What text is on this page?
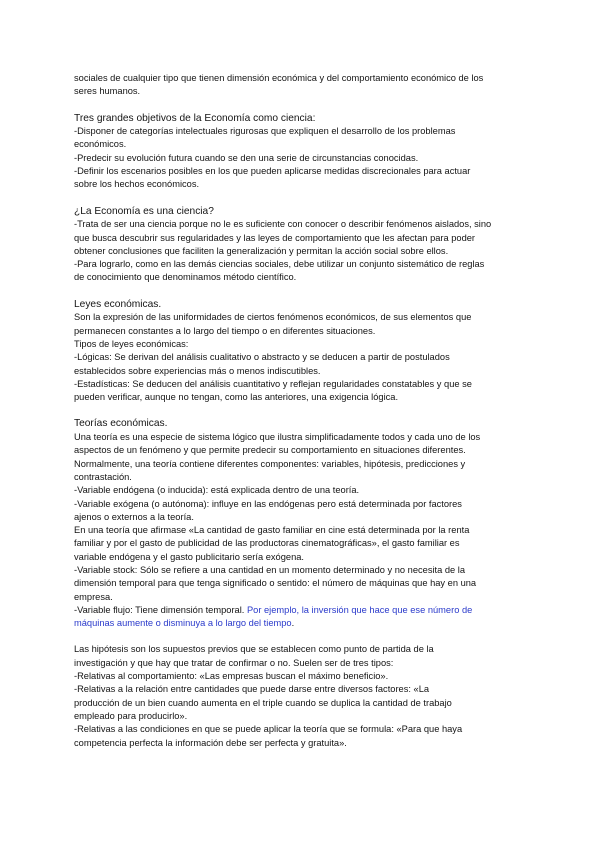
sociales de cualquier tipo que tienen dimensión económica y del comportamiento económico de los

seres humanos.

Tres grandes objetivos de la Economía como ciencia:

-Disponer de categorías intelectuales rigurosas que expliquen el desarrollo de los problemas

económicos.

-Predecir su evolución futura cuando se den una serie de circunstancias conocidas.

-Definir los escenarios posibles en los que pueden aplicarse medidas discrecionales para actuar

sobre los hechos económicos.

¿La Economía es una ciencia?

-Trata de ser una ciencia porque no le es suficiente con conocer o describir fenómenos aislados, sino

que busca descubrir sus regularidades y las leyes de comportamiento que les afectan para poder

obtener conclusiones que faciliten la generalización y permitan la acción social sobre ellos.

-Para lograrlo, como en las demás ciencias sociales, debe utilizar un conjunto sistemático de reglas

de conocimiento que denominamos método científico.

Leyes económicas.

Son la expresión de las uniformidades de ciertos fenómenos económicos, de sus elementos que

permanecen constantes a lo largo del tiempo o en diferentes situaciones.

Tipos de leyes económicas:

-Lógicas: Se derivan del análisis cualitativo o abstracto y se deducen a partir de postulados

establecidos sobre experiencias más o menos indiscutibles.

-Estadísticas: Se deducen del análisis cuantitativo y reflejan regularidades constatables y que se

pueden verificar, aunque no tengan, como las anteriores, una exigencia lógica.

Teorías económicas.

Una teoría es una especie de sistema lógico que ilustra simplificadamente todos y cada uno de los

aspectos de un fenómeno y que permite predecir su comportamiento en situaciones diferentes.

Normalmente, una teoría contiene diferentes componentes: variables, hipótesis, predicciones y

contrastación.

-Variable endógena (o inducida): está explicada dentro de una teoría.

-Variable exógena (o autónoma): influye en las endógenas pero está determinada por factores

ajenos o externos a la teoría.

En una teoría que afirmase «La cantidad de gasto familiar en cine está determinada por la renta

familiar y por el gasto de publicidad de las productoras cinematográficas», el gasto familiar es

variable endógena y el gasto publicitario sería exógena.

-Variable stock: Sólo se refiere a una cantidad en un momento determinado y no necesita de la

dimensión temporal para que tenga significado o sentido: el número de máquinas que hay en una

empresa.

-Variable flujo: Tiene dimensión temporal. Por ejemplo, la inversión que hace que ese número de

máquinas aumente o disminuya a lo largo del tiempo.

Las hipótesis son los supuestos previos que se establecen como punto de partida de la

investigación y que hay que tratar de confirmar o no. Suelen ser de tres tipos:

-Relativas al comportamiento: «Las empresas buscan el máximo beneficio».

-Relativas a la relación entre cantidades que puede darse entre diversos factores: «La

producción de un bien cuando aumenta en el triple cuando se duplica la cantidad de trabajo

empleado para producirlo».

-Relativas a las condiciones en que se puede aplicar la teoría que se formula: «Para que haya

competencia perfecta la información debe ser perfecta y gratuita».
